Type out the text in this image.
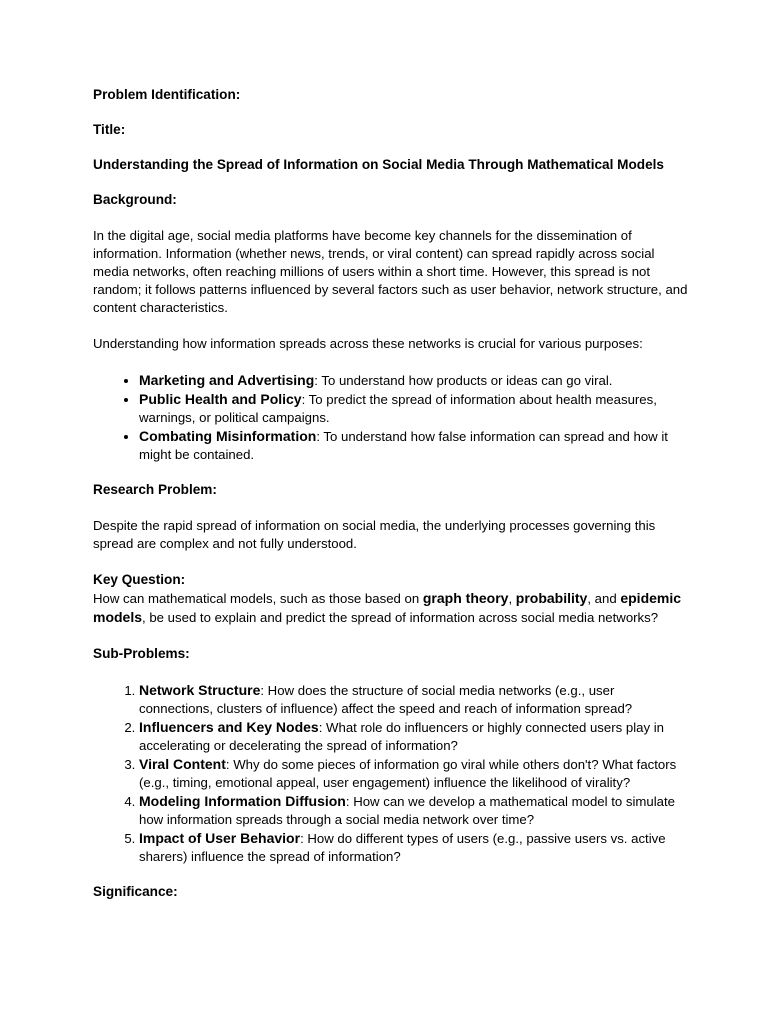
Problem Identification:

Title:

Understanding the Spread of Information on Social Media Through Mathematical Models

Background:

In the digital age, social media platforms have become key channels for the dissemination of information. Information (whether news, trends, or viral content) can spread rapidly across social media networks, often reaching millions of users within a short time. However, this spread is not random; it follows patterns influenced by several factors such as user behavior, network structure, and content characteristics.

Understanding how information spreads across these networks is crucial for various purposes:

• Marketing and Advertising: To understand how products or ideas can go viral.
• Public Health and Policy: To predict the spread of information about health measures, warnings, or political campaigns.
• Combating Misinformation: To understand how false information can spread and how it might be contained.

Research Problem:

Despite the rapid spread of information on social media, the underlying processes governing this spread are complex and not fully understood.

Key Question:

How can mathematical models, such as those based on graph theory, probability, and epidemic models, be used to explain and predict the spread of information across social media networks?

Sub-Problems:

1. Network Structure: How does the structure of social media networks (e.g., user connections, clusters of influence) affect the speed and reach of information spread?
2. Influencers and Key Nodes: What role do influencers or highly connected users play in accelerating or decelerating the spread of information?
3. Viral Content: Why do some pieces of information go viral while others don't? What factors (e.g., timing, emotional appeal, user engagement) influence the likelihood of virality?
4. Modeling Information Diffusion: How can we develop a mathematical model to simulate how information spreads through a social media network over time?
5. Impact of User Behavior: How do different types of users (e.g., passive users vs. active sharers) influence the spread of information?

Significance:
